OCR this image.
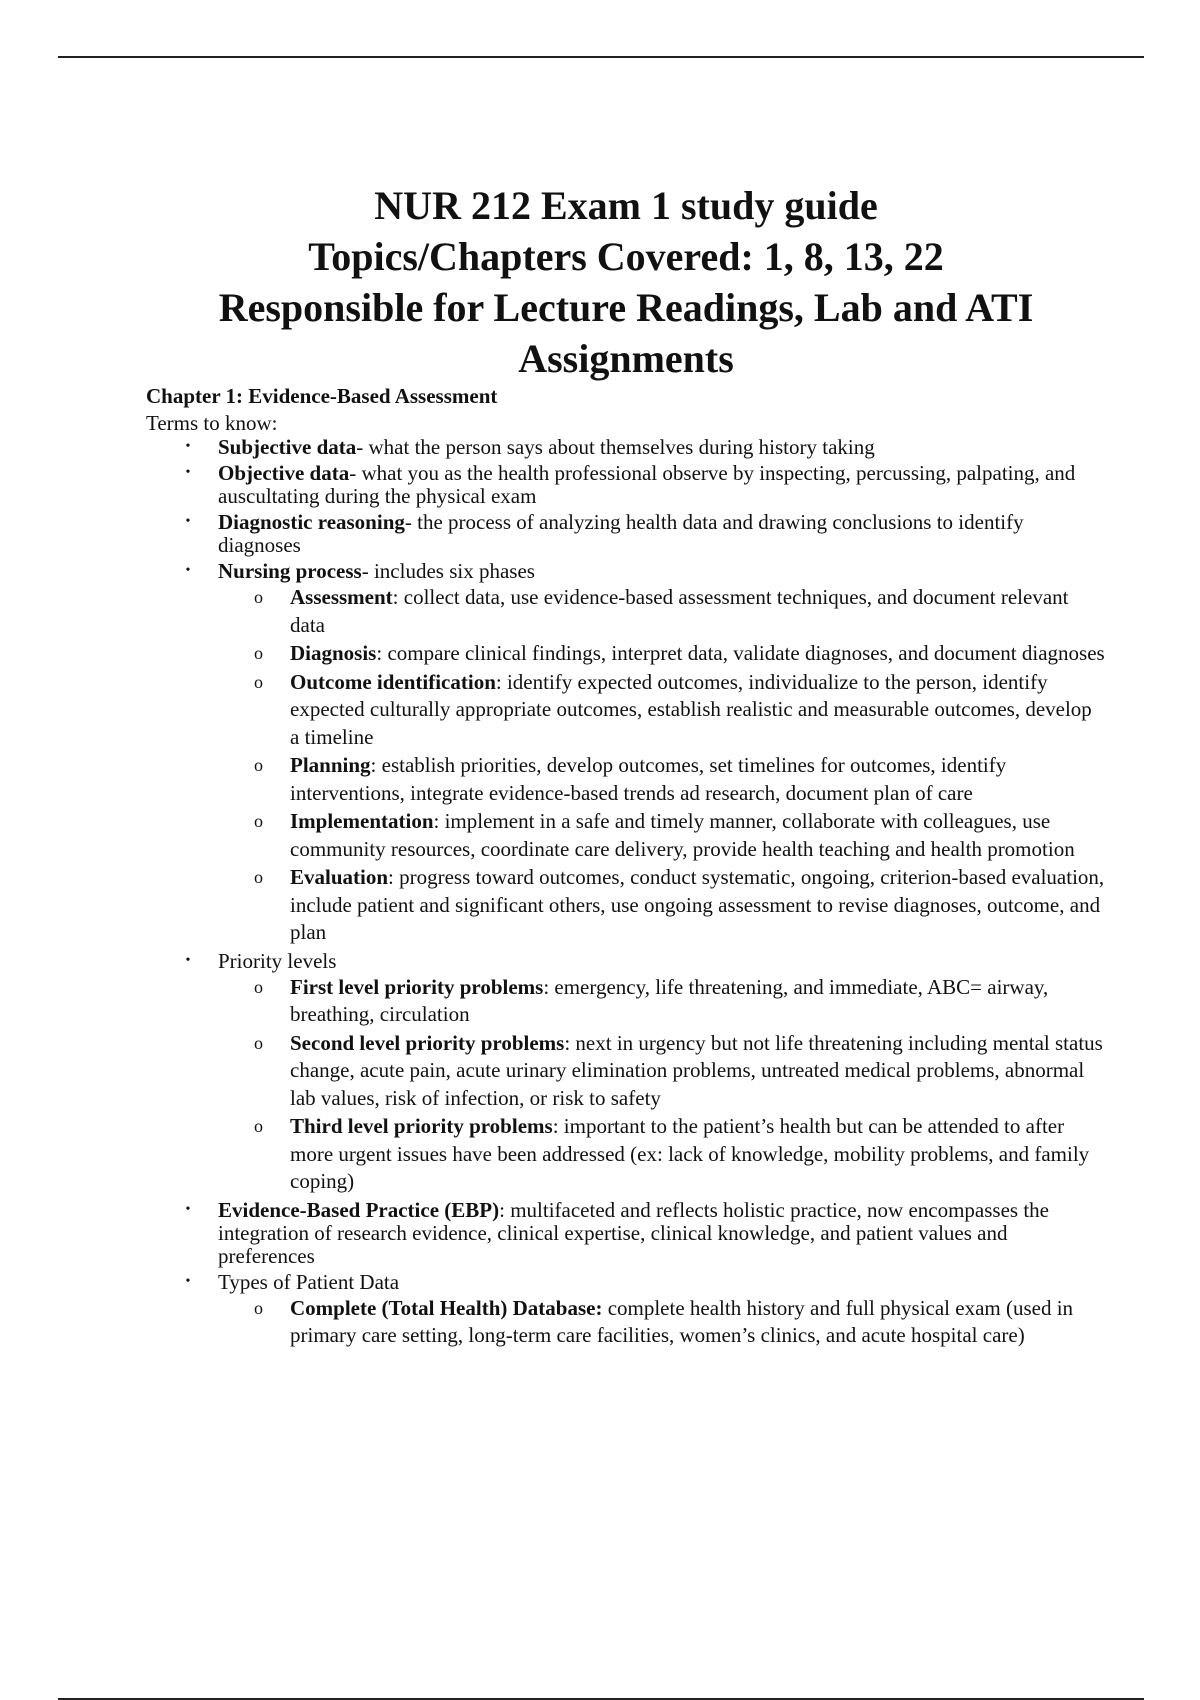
NUR 212 Exam 1 study guide
Topics/Chapters Covered: 1, 8, 13, 22
Responsible for Lecture Readings, Lab and ATI
Assignments

Chapter 1: Evidence-Based Assessment

Terms to know:

• Subjective data- what the person says about themselves during history taking
• Objective data- what you as the health professional observe by inspecting, percussing, palpating, and auscultating during the physical exam
• Diagnostic reasoning- the process of analyzing health data and drawing conclusions to identify diagnoses
• Nursing process- includes six phases
o Assessment: collect data, use evidence-based assessment techniques, and document relevant data
o Diagnosis: compare clinical findings, interpret data, validate diagnoses, and document diagnoses
o Outcome identification: identify expected outcomes, individualize to the person, identify expected culturally appropriate outcomes, establish realistic and measurable outcomes, develop a timeline
o Planning: establish priorities, develop outcomes, set timelines for outcomes, identify interventions, integrate evidence-based trends ad research, document plan of care
o Implementation: implement in a safe and timely manner, collaborate with colleagues, use community resources, coordinate care delivery, provide health teaching and health promotion
o Evaluation: progress toward outcomes, conduct systematic, ongoing, criterion-based evaluation, include patient and significant others, use ongoing assessment to revise diagnoses, outcome, and plan
• Priority levels
o First level priority problems: emergency, life threatening, and immediate, ABC= airway, breathing, circulation
o Second level priority problems: next in urgency but not life threatening including mental status change, acute pain, acute urinary elimination problems, untreated medical problems, abnormal lab values, risk of infection, or risk to safety
o Third level priority problems: important to the patient’s health but can be attended to after more urgent issues have been addressed (ex: lack of knowledge, mobility problems, and family coping)
• Evidence-Based Practice (EBP): multifaceted and reflects holistic practice, now encompasses the integration of research evidence, clinical expertise, clinical knowledge, and patient values and preferences
• Types of Patient Data
o Complete (Total Health) Database: complete health history and full physical exam (used in primary care setting, long-term care facilities, women’s clinics, and acute hospital care)
